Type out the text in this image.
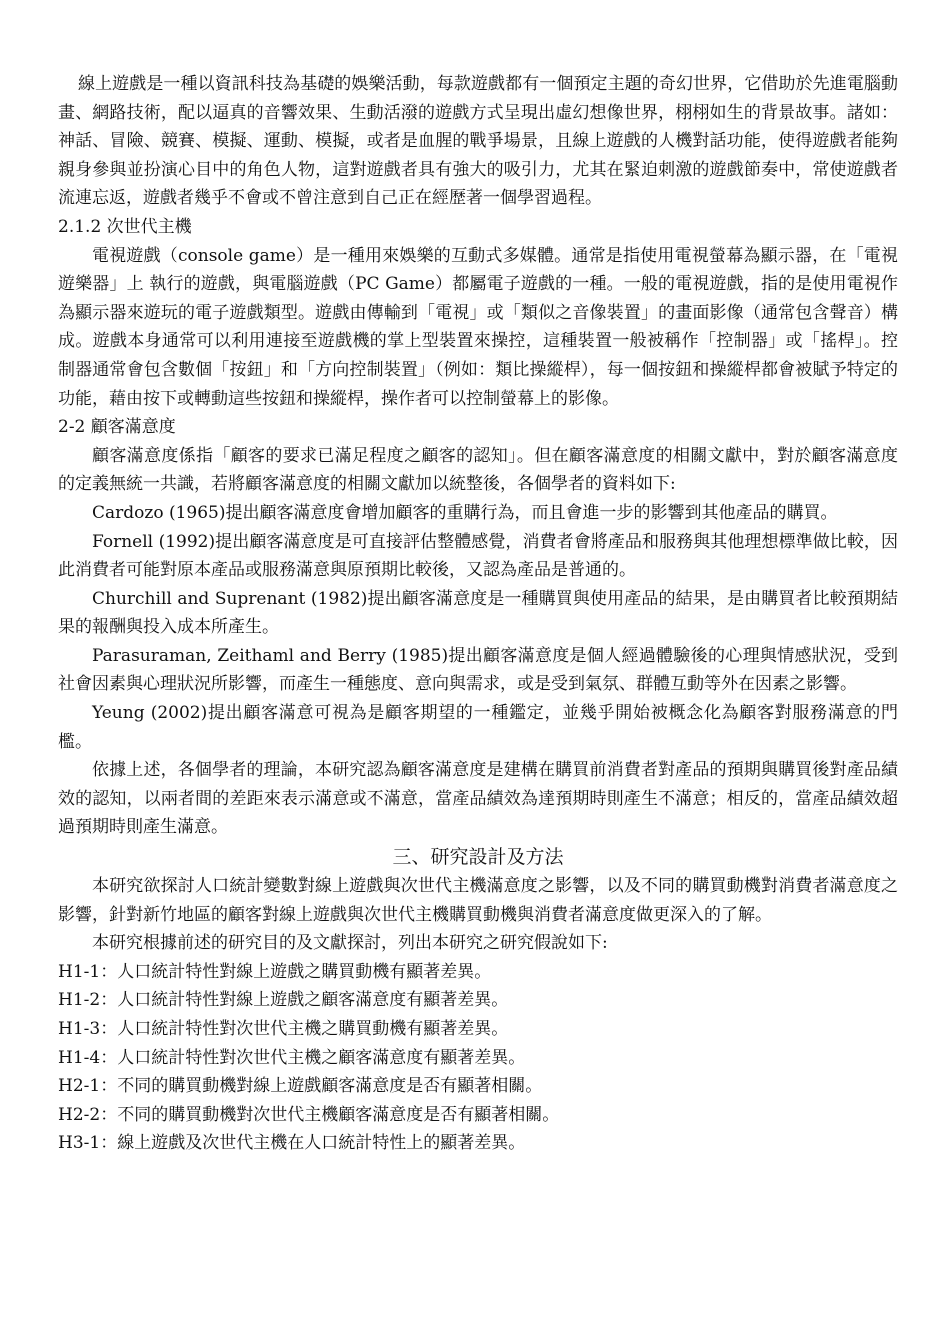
線上遊戲是一種以資訊科技為基礎的娛樂活動，每款遊戲都有一個預定主題的奇幻世界，它借助於先進電腦動畫、網路技術，配以逼真的音響效果、生動活潑的遊戲方式呈現出虛幻想像世界，栩栩如生的背景故事。諸如：神話、冒險、競賽、模擬、運動、模擬，或者是血腥的戰爭場景，且線上遊戲的人機對話功能，使得遊戲者能夠親身參與並扮演心目中的角色人物，這對遊戲者具有強大的吸引力，尤其在緊迫刺激的遊戲節奏中，常使遊戲者流連忘返，遊戲者幾乎不會或不曾注意到自己正在經歷著一個學習過程。

2.1.2 次世代主機

電視遊戲（console game）是一種用來娛樂的互動式多媒體。通常是指使用電視螢幕為顯示器，在「電視遊樂器」上 執行的遊戲，與電腦遊戲（PC Game）都屬電子遊戲的一種。一般的電視遊戲，指的是使用電視作為顯示器來遊玩的電子遊戲類型。遊戲由傳輸到「電視」或「類似之音像裝置」的畫面影像（通常包含聲音）構成。遊戲本身通常可以利用連接至遊戲機的掌上型裝置來操控，這種裝置一般被稱作「控制器」或「搖桿」。控制器通常會包含數個「按鈕」和「方向控制裝置」（例如：類比操縱桿），每一個按鈕和操縱桿都會被賦予特定的功能，藉由按下或轉動這些按鈕和操縱桿，操作者可以控制螢幕上的影像。

2-2 顧客滿意度

顧客滿意度係指「顧客的要求已滿足程度之顧客的認知」。但在顧客滿意度的相關文獻中，對於顧客滿意度的定義無統一共識，若將顧客滿意度的相關文獻加以統整後，各個學者的資料如下:

Cardozo (1965)提出顧客滿意度會增加顧客的重購行為，而且會進一步的影響到其他產品的購買。

Fornell (1992)提出顧客滿意度是可直接評估整體感覺，消費者會將產品和服務與其他理想標準做比較，因此消費者可能對原本產品或服務滿意與原預期比較後，又認為產品是普通的。

Churchill and Suprenant (1982)提出顧客滿意度是一種購買與使用產品的結果，是由購買者比較預期結果的報酬與投入成本所產生。

Parasuraman, Zeithaml and Berry (1985)提出顧客滿意度是個人經過體驗後的心理與情感狀況，受到社會因素與心理狀況所影響，而產生一種態度、意向與需求，或是受到氣氛、群體互動等外在因素之影響。

Yeung (2002)提出顧客滿意可視為是顧客期望的一種鑑定，並幾乎開始被概念化為顧客對服務滿意的門檻。

依據上述，各個學者的理論，本研究認為顧客滿意度是建構在購買前消費者對產品的預期與購買後對產品績效的認知，以兩者間的差距來表示滿意或不滿意，當產品績效為達預期時則產生不滿意；相反的，當產品績效超過預期時則產生滿意。

三、研究設計及方法

本研究欲探討人口統計變數對線上遊戲與次世代主機滿意度之影響，以及不同的購買動機對消費者滿意度之影響，針對新竹地區的顧客對線上遊戲與次世代主機購買動機與消費者滿意度做更深入的了解。

本研究根據前述的研究目的及文獻探討，列出本研究之研究假說如下:

H1-1：人口統計特性對線上遊戲之購買動機有顯著差異。

H1-2：人口統計特性對線上遊戲之顧客滿意度有顯著差異。

H1-3：人口統計特性對次世代主機之購買動機有顯著差異。

H1-4：人口統計特性對次世代主機之顧客滿意度有顯著差異。

H2-1：不同的購買動機對線上遊戲顧客滿意度是否有顯著相關。

H2-2：不同的購買動機對次世代主機顧客滿意度是否有顯著相關。

H3-1：線上遊戲及次世代主機在人口統計特性上的顯著差異。
